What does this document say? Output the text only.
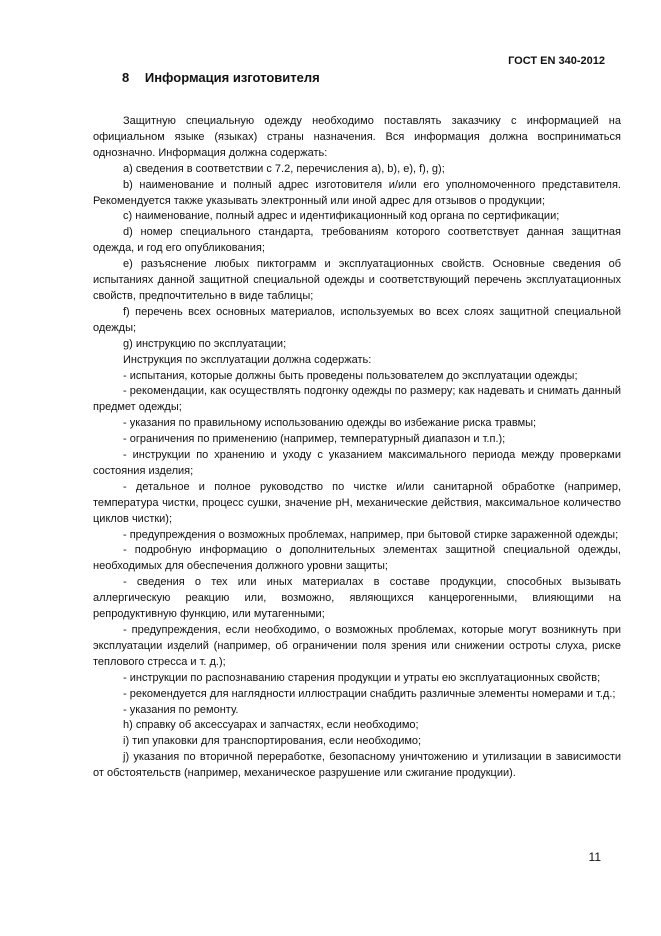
ГОСТ EN 340-2012
8 Информация изготовителя

Защитную специальную одежду необходимо поставлять заказчику с информацией на официальном языке (языках) страны назначения. Вся информация должна восприниматься однозначно. Информация должна содержать:

a) сведения в соответствии с 7.2, перечисления a), b), e), f), g);

b) наименование и полный адрес изготовителя и/или его уполномоченного представителя. Рекомендуется также указывать электронный или иной адрес для отзывов о продукции;

c) наименование, полный адрес и идентификационный код органа по сертификации;

d) номер специального стандарта, требованиям которого соответствует данная защитная одежда, и год его опубликования;

e) разъяснение любых пиктограмм и эксплуатационных свойств. Основные сведения об испытаниях данной защитной специальной одежды и соответствующий перечень эксплуатационных свойств, предпочтительно в виде таблицы;

f) перечень всех основных материалов, используемых во всех слоях защитной специальной одежды;

g) инструкцию по эксплуатации;

Инструкция по эксплуатации должна содержать:

- испытания, которые должны быть проведены пользователем до эксплуатации одежды;

- рекомендации, как осуществлять подгонку одежды по размеру; как надевать и снимать данный предмет одежды;

- указания по правильному использованию одежды во избежание риска травмы;

- ограничения по применению (например, температурный диапазон и т.п.);

- инструкции по хранению и уходу с указанием максимального периода между проверками состояния изделия;

- детальное и полное руководство по чистке и/или санитарной обработке (например, температура чистки, процесс сушки, значение pH, механические действия, максимальное количество циклов чистки);

- предупреждения о возможных проблемах, например, при бытовой стирке зараженной одежды;

- подробную информацию о дополнительных элементах защитной специальной одежды, необходимых для обеспечения должного уровни защиты;

- сведения о тех или иных материалах в составе продукции, способных вызывать аллергическую реакцию или, возможно, являющихся канцерогенными, влияющими на репродуктивную функцию, или мутагенными;

- предупреждения, если необходимо, о возможных проблемах, которые могут возникнуть при эксплуатации изделий (например, об ограничении поля зрения или снижении остроты слуха, риске теплового стресса и т. д.);

- инструкции по распознаванию старения продукции и утраты ею эксплуатационных свойств;

- рекомендуется для наглядности иллюстрации снабдить различные элементы номерами и т.д.;

- указания по ремонту.

h) справку об аксессуарах и запчастях, если необходимо;

i) тип упаковки для транспортирования, если необходимо;

j) указания по вторичной переработке, безопасному уничтожению и утилизации в зависимости от обстоятельств (например, механическое разрушение или сжигание продукции).

11
